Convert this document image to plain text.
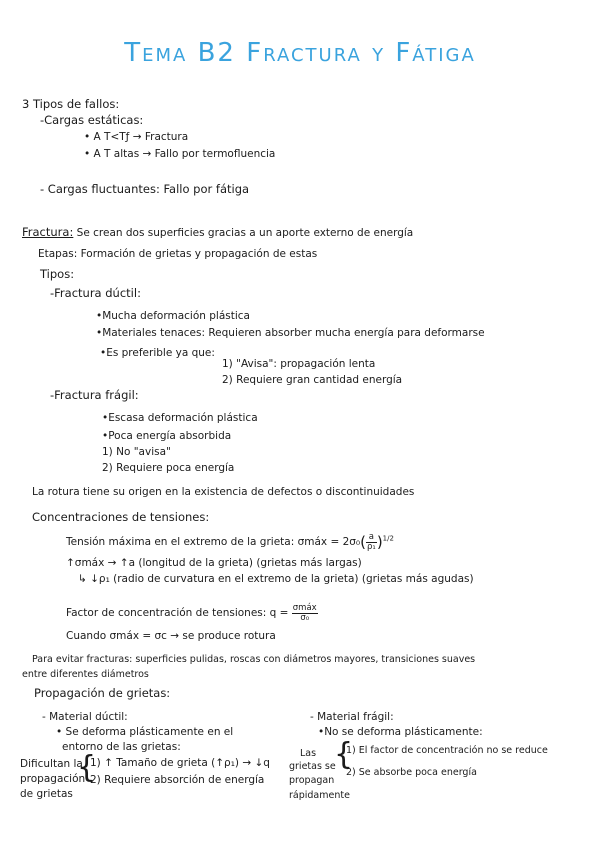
Tema B2 Fractura y Fátiga
3 Tipos de fallos:
-Cargas estáticas:
• A T<Tƒ → Fractura
• A T altas → Fallo por termofluencia
- Cargas fluctuantes: Fallo por fátiga
Fractura: Se crean dos superficies gracias a un aporte externo de energía
Etapas: Formación de grietas y propagación de estas
Tipos:
-Fractura dúctil:
•Mucha deformación plástica
•Materiales tenaces: Requieren absorber mucha energía para deformarse
•Es preferible ya que:
1) "Avisa": propagación lenta
2) Requiere gran cantidad energía
-Fractura frágil:
•Escasa deformación plástica
•Poca energía absorbida
1) No "avisa"
2) Requiere poca energía
La rotura tiene su origen en la existencia de defectos o discontinuidades
Concentraciones de tensiones:
Tensión máxima en el extremo de la grieta: σmáx = $2\sigma_0( \frac{a}{\text{ρ₁}} )^{1/2}$
↑σmáx → ↑a (longitud de la grieta) (grietas más largas)
↳ ↓ρ₁ (radio de curvatura en el extremo de la grieta) (grietas más agudas)
Factor de concentración de tensiones: $q = \frac{\text{σmáx}}{\text{σ₀}}$
Cuando σmáx = σc → se produce rotura
Para evitar fracturas: superficies pulidas, roscas con diámetros mayores, transiciones suaves
entre diferentes diámetros
Propagación de grietas:
- Material dúctil:
• Se deforma plásticamente en el
entorno de las grietas:
Dificultan la
propagación
de grietas
{
1) ↑ Tamaño de grieta (↑ρ₁) → ↓q
2) Requiere absorción de energía
- Material frágil:
•No se deforma plásticamente:
Las
grietas se
propagan
rápidamente
{
1) El factor de concentración no se reduce
2) Se absorbe poca energía
